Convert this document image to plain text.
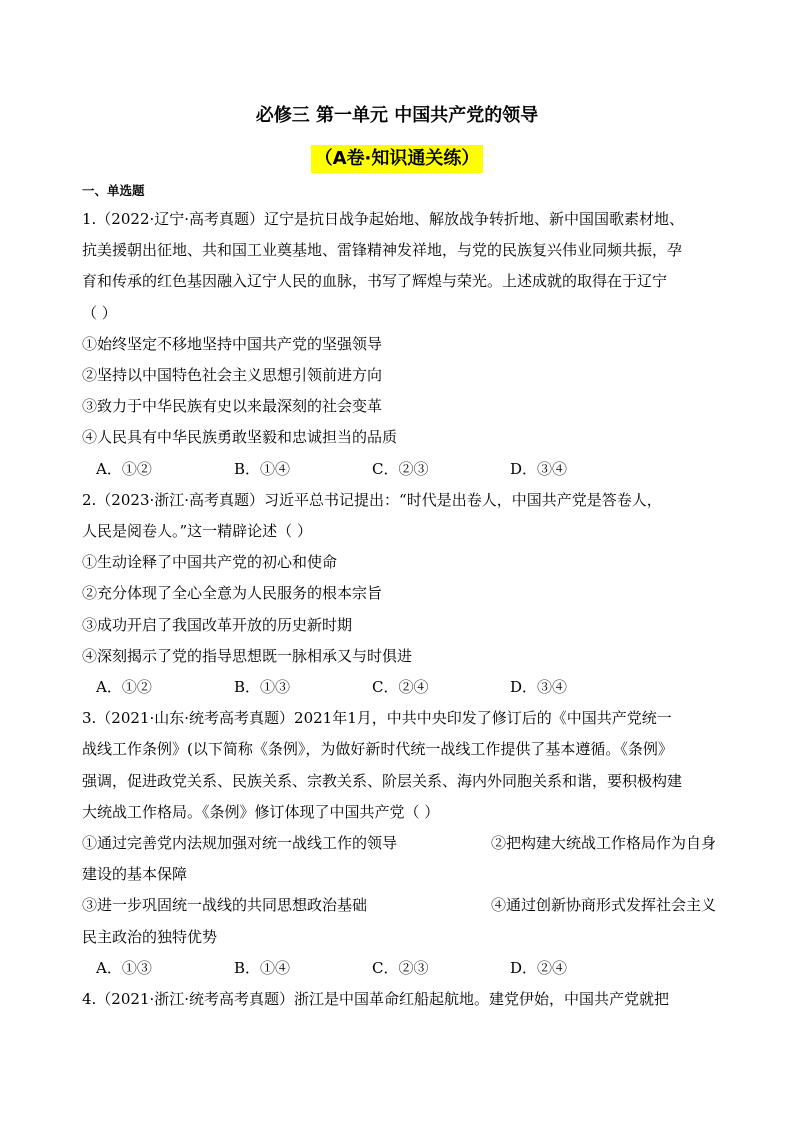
必修三 第一单元 中国共产党的领导
（A卷·知识通关练）
一、单选题

1.（2022·辽宁·高考真题）辽宁是抗日战争起始地、解放战争转折地、新中国国歌素材地、

抗美援朝出征地、共和国工业奠基地、雷锋精神发祥地，与党的民族复兴伟业同频共振，孕

育和传承的红色基因融入辽宁人民的血脉，书写了辉煌与荣光。上述成就的取得在于辽宁

（ ）

①始终坚定不移地坚持中国共产党的坚强领导

②坚持以中国特色社会主义思想引领前进方向

③致力于中华民族有史以来最深刻的社会变革

④人民具有中华民族勇敢坚毅和忠诚担当的品质

A．①②	B．①④	C．②③	D．③④

2.（2023·浙江·高考真题）习近平总书记提出：“时代是出卷人，中国共产党是答卷人，

人民是阅卷人。”这一精辟论述（ ）

①生动诠释了中国共产党的初心和使命

②充分体现了全心全意为人民服务的根本宗旨

③成功开启了我国改革开放的历史新时期

④深刻揭示了党的指导思想既一脉相承又与时俱进

A．①②	B．①③	C．②④	D．③④

3.（2021·山东·统考高考真题）2021年1月，中共中央印发了修订后的《中国共产党统一

战线工作条例》(以下简称《条例》，为做好新时代统一战线工作提供了基本遵循。《条例》

强调，促进政党关系、民族关系、宗教关系、阶层关系、海内外同胞关系和谐，要积极构建

大统战工作格局。《条例》修订体现了中国共产党（ ）

①通过完善党内法规加强对统一战线工作的领导	②把构建大统战工作格局作为自身

建设的基本保障

③进一步巩固统一战线的共同思想政治基础	④通过创新协商形式发挥社会主义

民主政治的独特优势

A．①③	B．①④	C．②③	D．②④

4.（2021·浙江·统考高考真题）浙江是中国革命红船起航地。建党伊始，中国共产党就把
